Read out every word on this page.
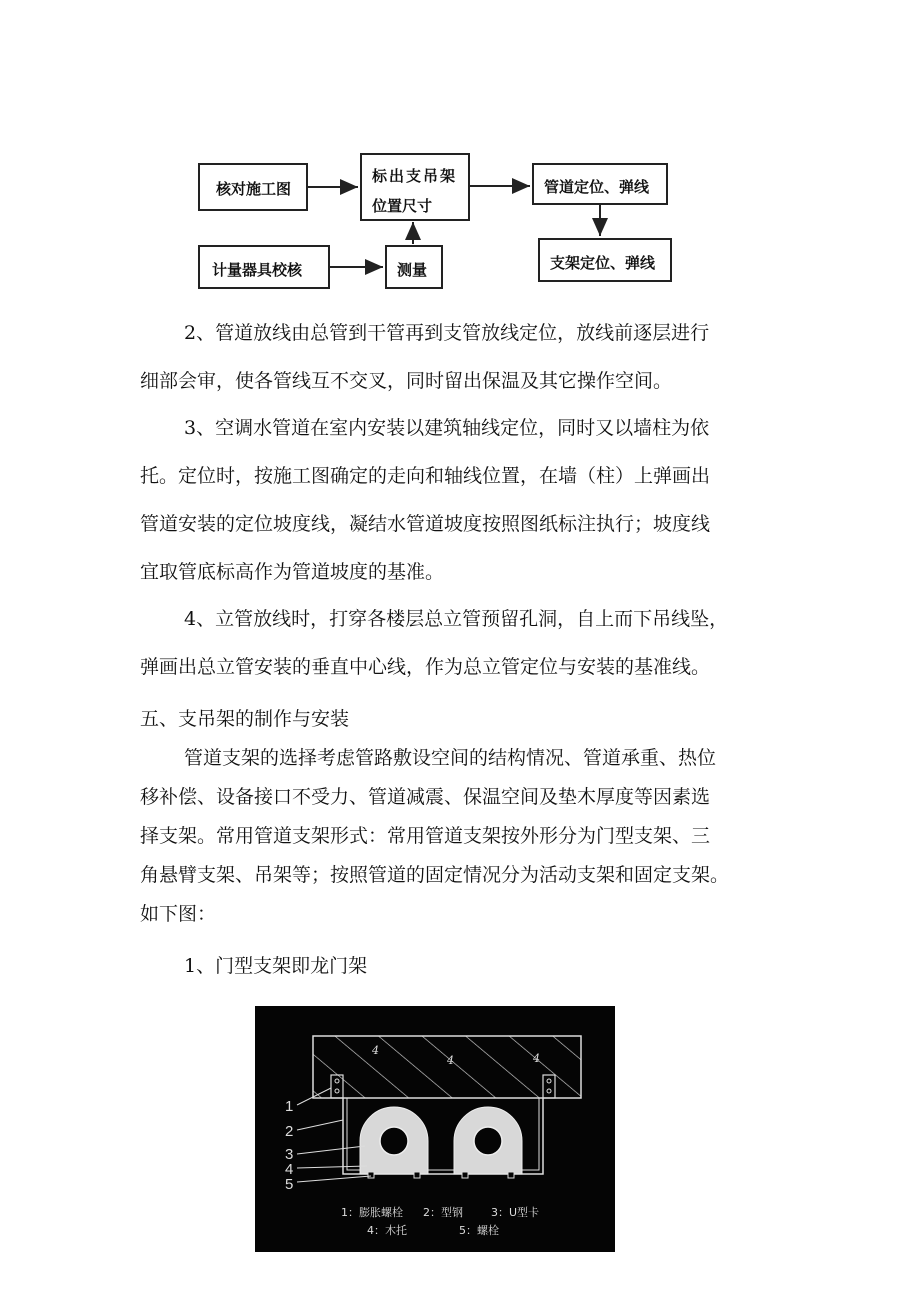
核对施工图
标出支吊架
位置尺寸
管道定位、弹线
计量器具校核	测量	支架定位、弹线
2、管道放线由总管到干管再到支管放线定位，放线前逐层进行
细部会审，使各管线互不交叉，同时留出保温及其它操作空间。
3、空调水管道在室内安装以建筑轴线定位，同时又以墙柱为依
托。定位时，按施工图确定的走向和轴线位置，在墙（柱）上弹画出
管道安装的定位坡度线，凝结水管道坡度按照图纸标注执行；坡度线
宜取管底标高作为管道坡度的基准。
4、立管放线时，打穿各楼层总立管预留孔洞，自上而下吊线坠，
弹画出总立管安装的垂直中心线，作为总立管定位与安装的基准线。
五、支吊架的制作与安装
管道支架的选择考虑管路敷设空间的结构情况、管道承重、热位
移补偿、设备接口不受力、管道减震、保温空间及垫木厚度等因素选
择支架。常用管道支架形式：常用管道支架按外形分为门型支架、三
角悬臂支架、吊架等；按照管道的固定情况分为活动支架和固定支架。
如下图：
1、门型支架即龙门架
4
4	4
1
2
3
4
5
1：膨胀螺栓 2：型钢	3：U型卡
4：木托	5：螺栓
